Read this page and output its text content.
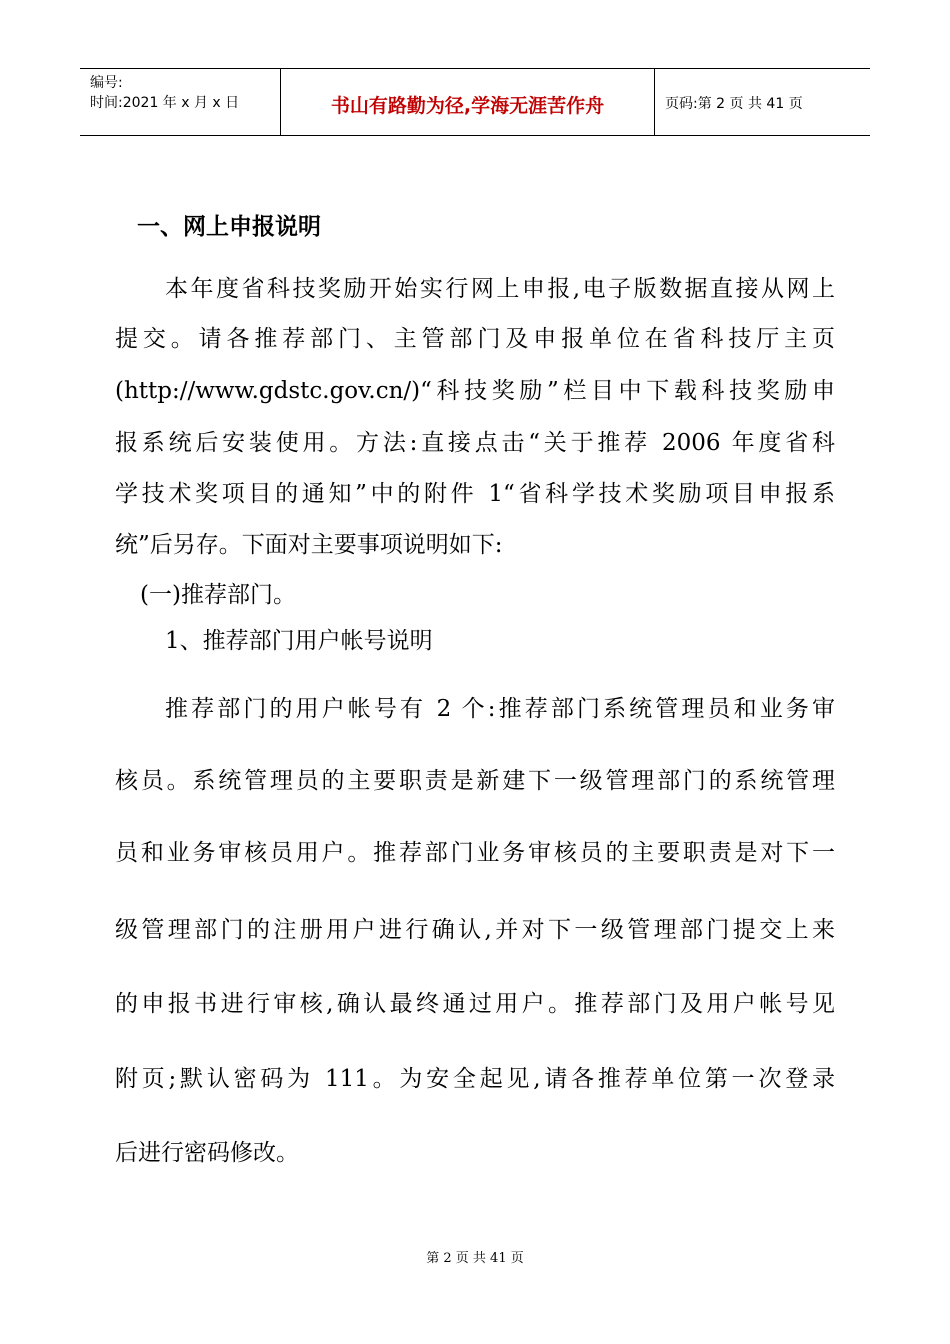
编号:
时间:2021 年 x 月 x 日	书山有路勤为径,学海无涯苦作舟	页码:第 2 页 共 41 页
一、网上申报说明
本年度省科技奖励开始实行网上申报,电子版数据直接从网上
提交。请各推荐部门、主管部门及申报单位在省科技厅主页
(http://www.gdstc.gov.cn/)“科技奖励”栏目中下载科技奖励申
报系统后安装使用。方法:直接点击“关于推荐 2006 年度省科
学技术奖项目的通知”中的附件 1“省科学技术奖励项目申报系
统”后另存。下面对主要事项说明如下:
(一)推荐部门。
1、推荐部门用户帐号说明
推荐部门的用户帐号有 2 个:推荐部门系统管理员和业务审
核员。系统管理员的主要职责是新建下一级管理部门的系统管理
员和业务审核员用户。推荐部门业务审核员的主要职责是对下一
级管理部门的注册用户进行确认,并对下一级管理部门提交上来
的申报书进行审核,确认最终通过用户。推荐部门及用户帐号见
附页;默认密码为 111。为安全起见,请各推荐单位第一次登录
后进行密码修改。
第 2 页 共 41 页
